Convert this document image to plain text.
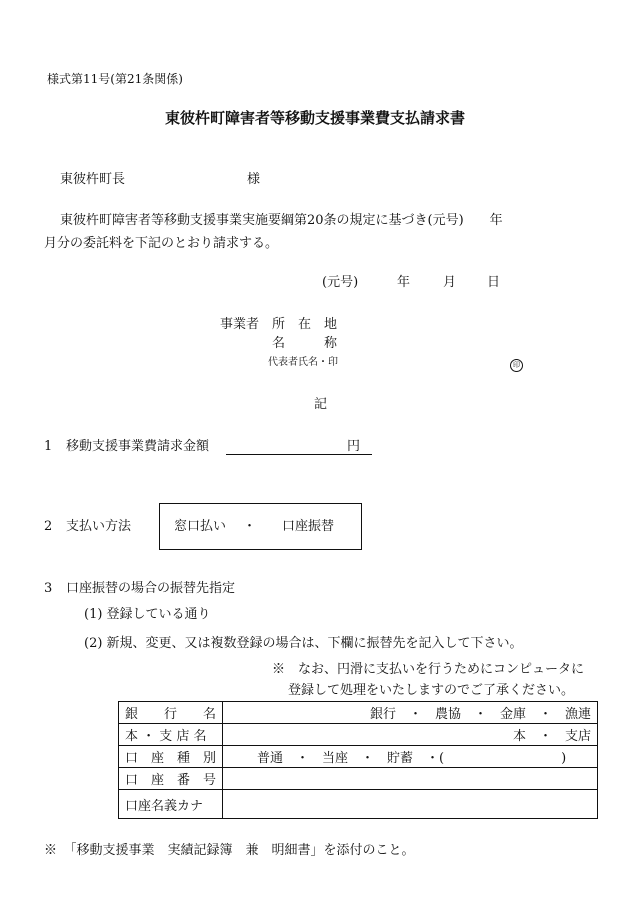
様式第11号(第21条関係)
東彼杵町障害者等移動支援事業費支払請求書
東彼杵町長	様
東彼杵町障害者等移動支援事業実施要綱第20条の規定に基づき(元号)　　年
月分の委託料を下記のとおり請求する。
(元号)	年	月 日
事業者 所　在　地
名　　　称
代表者氏名・印	印
記
1 移動支援事業費請求金額	円
2 支払い方法	窓口払い ・ 口座振替
3 口座振替の場合の振替先指定
(1) 登録している通り
(2) 新規、変更、又は複数登録の場合は、下欄に振替先を記入して下さい。
※　なお、円滑に支払いを行うためにコンピュータに
登録して処理をいたしますのでご了承ください。
銀　　行　　名	銀行　・　農協　・　金庫　・　漁連
本 ・ 支 店 名	本　・　支店
口　座　種　別	普通　・　当座　・　貯蓄　・(　　　　　　　　　)
口　座　番　号	
口座名義カナ	
※　「移動支援事業　実績記録簿　兼　明細書」を添付のこと。
